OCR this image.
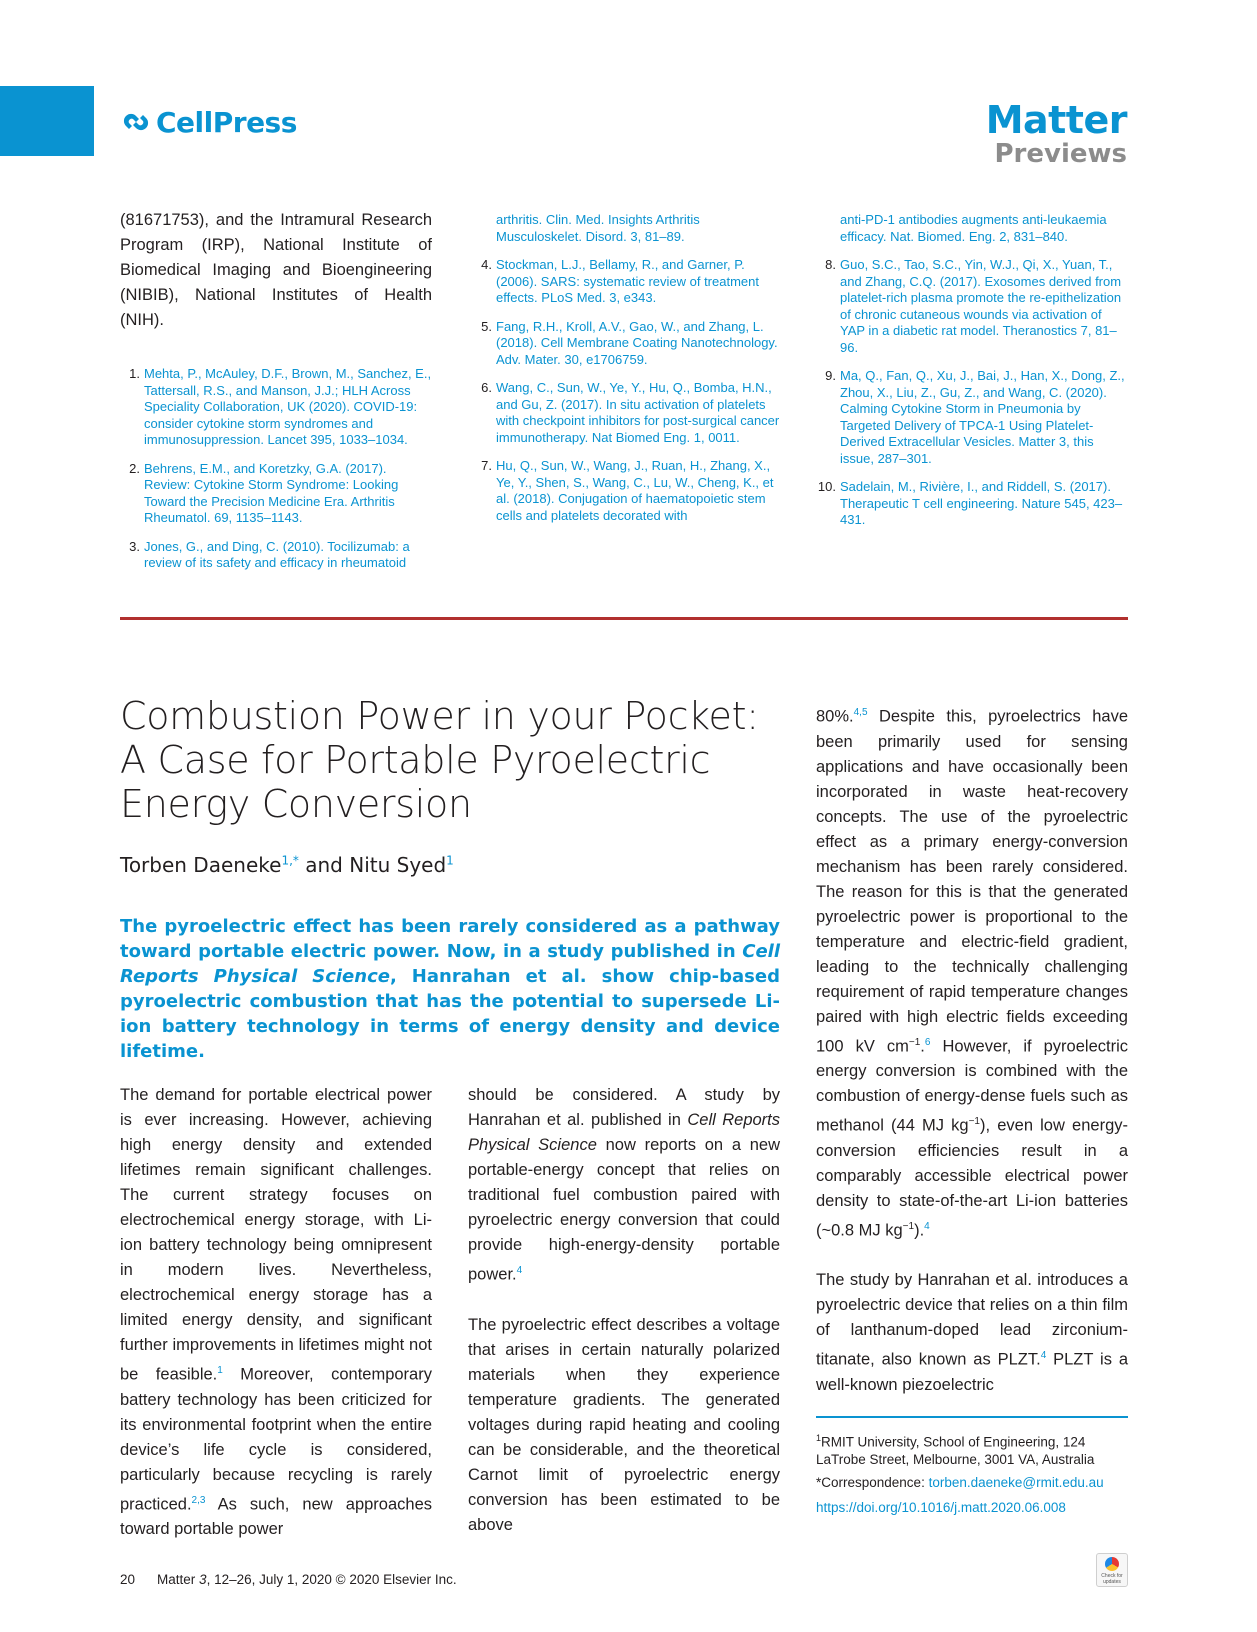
CellPress	Matter
Previews

(81671753), and the Intramural Research Program (IRP), National Institute of Biomedical Imaging and Bioengineering (NIBIB), National Institutes of Health (NIH).

1. Mehta, P., McAuley, D.F., Brown, M., Sanchez, E., Tattersall, R.S., and Manson, J.J.; HLH Across Speciality Collaboration, UK (2020). COVID-19: consider cytokine storm syndromes and immunosuppression. Lancet 395, 1033–1034.
2. Behrens, E.M., and Koretzky, G.A. (2017). Review: Cytokine Storm Syndrome: Looking Toward the Precision Medicine Era. Arthritis Rheumatol. 69, 1135–1143.
3. Jones, G., and Ding, C. (2010). Tocilizumab: a review of its safety and efficacy in rheumatoid
arthritis. Clin. Med. Insights Arthritis Musculoskelet. Disord. 3, 81–89.
4. Stockman, L.J., Bellamy, R., and Garner, P. (2006). SARS: systematic review of treatment effects. PLoS Med. 3, e343.
5. Fang, R.H., Kroll, A.V., Gao, W., and Zhang, L. (2018). Cell Membrane Coating Nanotechnology. Adv. Mater. 30, e1706759.
6. Wang, C., Sun, W., Ye, Y., Hu, Q., Bomba, H.N., and Gu, Z. (2017). In situ activation of platelets with checkpoint inhibitors for post-surgical cancer immunotherapy. Nat Biomed Eng. 1, 0011.
7. Hu, Q., Sun, W., Wang, J., Ruan, H., Zhang, X., Ye, Y., Shen, S., Wang, C., Lu, W., Cheng, K., et al. (2018). Conjugation of haematopoietic stem cells and platelets decorated with
anti-PD-1 antibodies augments anti-leukaemia efficacy. Nat. Biomed. Eng. 2, 831–840.
8. Guo, S.C., Tao, S.C., Yin, W.J., Qi, X., Yuan, T., and Zhang, C.Q. (2017). Exosomes derived from platelet-rich plasma promote the re-epithelization of chronic cutaneous wounds via activation of YAP in a diabetic rat model. Theranostics 7, 81–96.
9. Ma, Q., Fan, Q., Xu, J., Bai, J., Han, X., Dong, Z., Zhou, X., Liu, Z., Gu, Z., and Wang, C. (2020). Calming Cytokine Storm in Pneumonia by Targeted Delivery of TPCA-1 Using Platelet-Derived Extracellular Vesicles. Matter 3, this issue, 287–301.
10. Sadelain, M., Rivière, I., and Riddell, S. (2017). Therapeutic T cell engineering. Nature 545, 423–431.
Combustion Power in your Pocket: A Case for Portable Pyroelectric Energy Conversion
Torben Daeneke$^{1,*}$ and Nitu Syed$^1$

The pyroelectric effect has been rarely considered as a pathway toward portable electric power. Now, in a study published in Cell Reports Physical Science, Hanrahan et al. show chip-based pyroelectric combustion that has the potential to supersede Li-ion battery technology in terms of energy density and device lifetime.

The demand for portable electrical power is ever increasing. However, achieving high energy density and extended lifetimes remain significant challenges. The current strategy focuses on electrochemical energy storage, with Li-ion battery technology being omnipresent in modern lives. Nevertheless, electrochemical energy storage has a limited energy density, and significant further improvements in lifetimes might not be feasible.$^1$ Moreover, contemporary battery technology has been criticized for its environmental footprint when the entire device’s life cycle is considered, particularly because recycling is rarely practiced.$^{2,3}$ As such, new approaches toward portable power

should be considered. A study by Hanrahan et al. published in Cell Reports Physical Science now reports on a new portable-energy concept that relies on traditional fuel combustion paired with pyroelectric energy conversion that could provide high-energy-density portable power.$^4$

The pyroelectric effect describes a voltage that arises in certain naturally polarized materials when they experience temperature gradients. The generated voltages during rapid heating and cooling can be considerable, and the theoretical Carnot limit of pyroelectric energy conversion has been estimated to be above

80%.$^{4,5}$ Despite this, pyroelectrics have been primarily used for sensing applications and have occasionally been incorporated in waste heat-recovery concepts. The use of the pyroelectric effect as a primary energy-conversion mechanism has been rarely considered. The reason for this is that the generated pyroelectric power is proportional to the temperature and electric-field gradient, leading to the technically challenging requirement of rapid temperature changes paired with high electric fields exceeding 100 kV $cm^{-1}.^6$ However, if pyroelectric energy conversion is combined with the combustion of energy-dense fuels such as methanol (44 MJ $kg^{-1}$), even low energy-conversion efficiencies result in a comparably accessible electrical power density to state-of-the-art Li-ion batteries (~0.8 MJ $kg^{-1}).^4$

The study by Hanrahan et al. introduces a pyroelectric device that relies on a thin film of lanthanum-doped lead zirconium-titanate, also known as PLZT.$^4$ PLZT is a well-known piezoelectric

$^1$RMIT University, School of Engineering, 124 LaTrobe Street, Melbourne, 3001 VA, Australia

*Correspondence: torben.daeneke@rmit.edu.au

https://doi.org/10.1016/j.matt.2020.06.008

20 Matter 3, 12–26, July 1, 2020 © 2020 Elsevier Inc.	Check for updates
